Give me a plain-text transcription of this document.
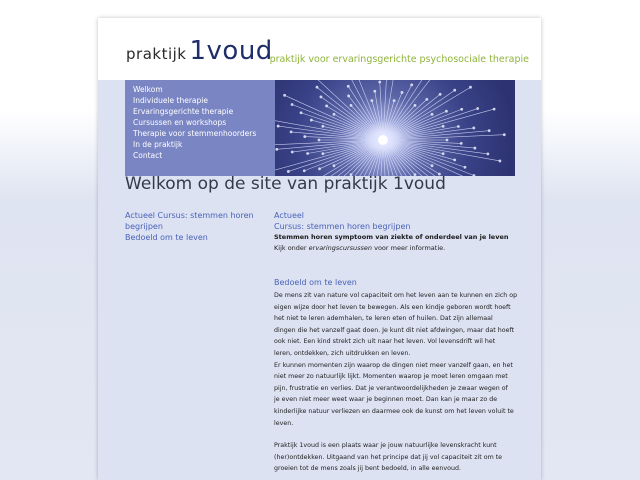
praktijk 1voud
praktijk voor ervaringsgerichte psychosociale therapie
Welkom
Individuele therapie
Ervaringsgerichte therapie
Cursussen en workshops
Therapie voor stemmenhoorders
In de praktijk
Contact
Welkom op de site van praktijk 1voud
Actueel Cursus: stemmen horen begrijpen
Bedoeld om te leven
Actueel
Cursus: stemmen horen begrijpen
Stemmen horen symptoom van ziekte of onderdeel van je leven
Kijk onder ervaringscursussen voor meer informatie.
Bedoeld om te leven
De mens zit van nature vol capaciteit om het leven aan te kunnen en zich op
eigen wijze door het leven te bewegen. Als een kindje geboren wordt hoeft
het niet te leren ademhalen, te leren eten of huilen. Dat zijn allemaal
dingen die het vanzelf gaat doen. Je kunt dit niet afdwingen, maar dat hoeft
ook niet. Een kind strekt zich uit naar het leven. Vol levensdrift wil het
leren, ontdekken, zich uitdrukken en leven.
Er kunnen momenten zijn waarop de dingen niet meer vanzelf gaan, en het
niet meer zo natuurlijk lijkt. Momenten waarop je moet leren omgaan met
pijn, frustratie en verlies. Dat je verantwoordelijkheden je zwaar wegen of
je even niet meer weet waar je beginnen moet. Dan kan je maar zo de
kinderlijke natuur verliezen en daarmee ook de kunst om het leven voluit te
leven.
Praktijk 1voud is een plaats waar je jouw natuurlijke levenskracht kunt
(her)ontdekken. Uitgaand van het principe dat jij vol capaciteit zit om te
groeien tot de mens zoals jij bent bedoeld, in alle eenvoud.
